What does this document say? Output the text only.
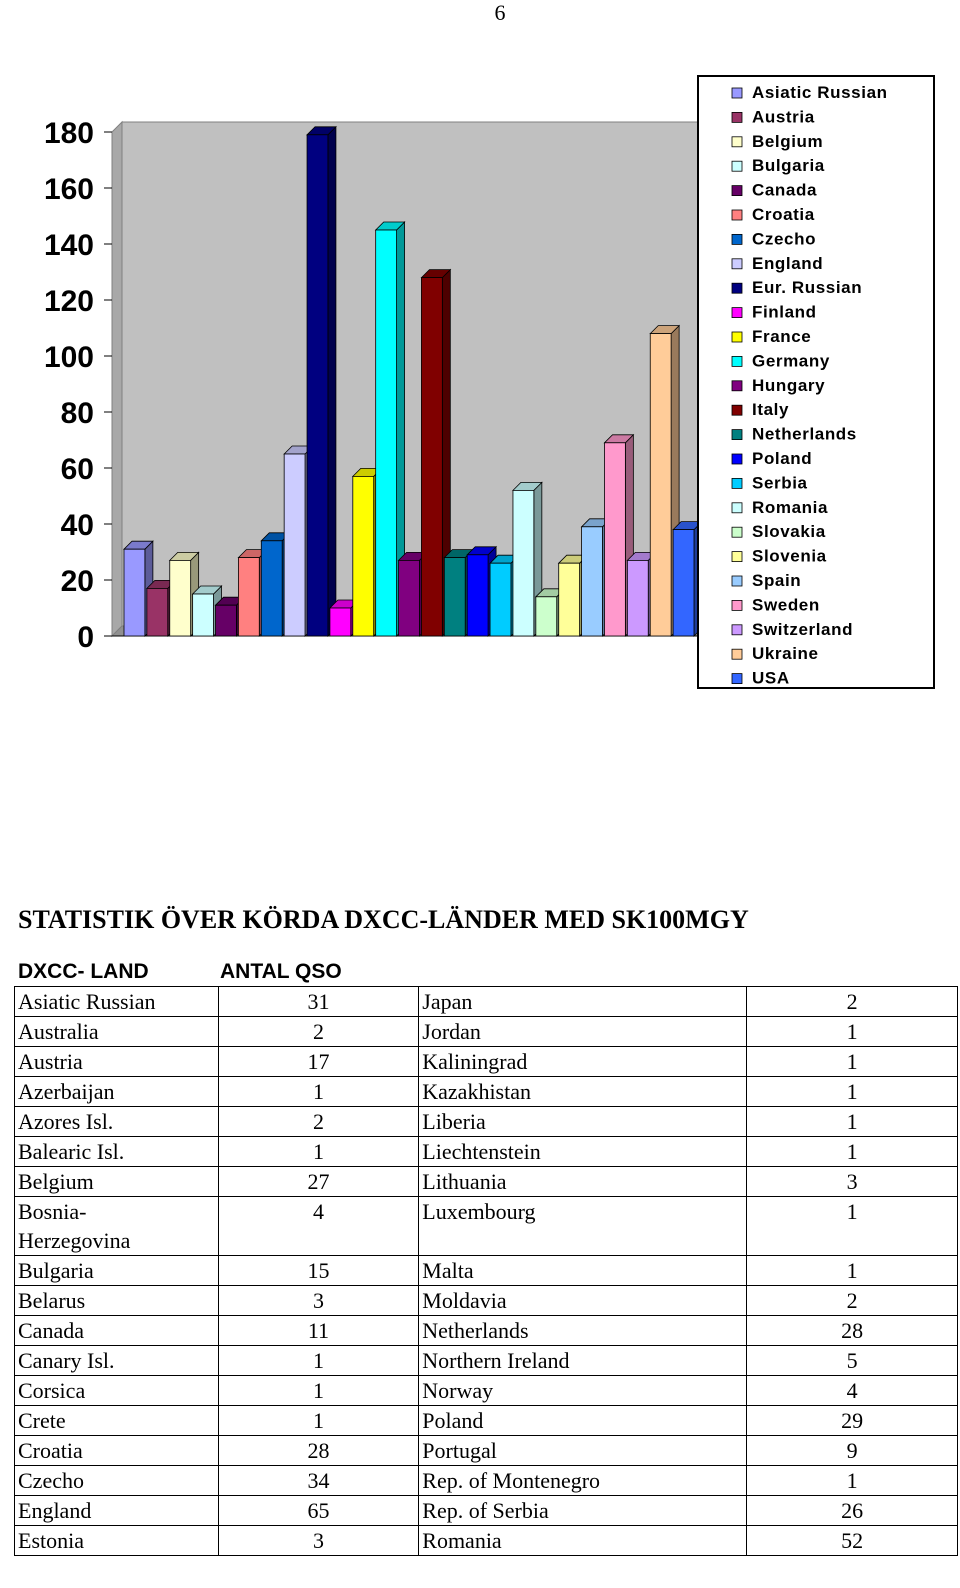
6
0
20
40
60
80
100
120
140
160
180
Asiatic Russian
Austria
Belgium
Bulgaria
Canada
Croatia
Czecho
England
Eur. Russian
Finland
France
Germany
Hungary
Italy
Netherlands
Poland
Serbia
Romania
Slovakia
Slovenia
Spain
Sweden
Switzerland
Ukraine
USA
STATISTIK ÖVER KÖRDA DXCC-LÄNDER MED SK100MGY
DXCC- LAND	ANTAL QSO
Asiatic Russian	31	Japan	2
Australia	2	Jordan	1
Austria	17	Kaliningrad	1
Azerbaijan	1	Kazakhistan	1
Azores Isl.	2	Liberia	1
Balearic Isl.	1	Liechtenstein	1
Belgium	27	Lithuania	3
Bosnia-
Herzegovina	4	Luxembourg	1
Bulgaria	15	Malta	1
Belarus	3	Moldavia	2
Canada	11	Netherlands	28
Canary Isl.	1	Northern Ireland	5
Corsica	1	Norway	4
Crete	1	Poland	29
Croatia	28	Portugal	9
Czecho	34	Rep. of Montenegro	1
England	65	Rep. of Serbia	26
Estonia	3	Romania	52
